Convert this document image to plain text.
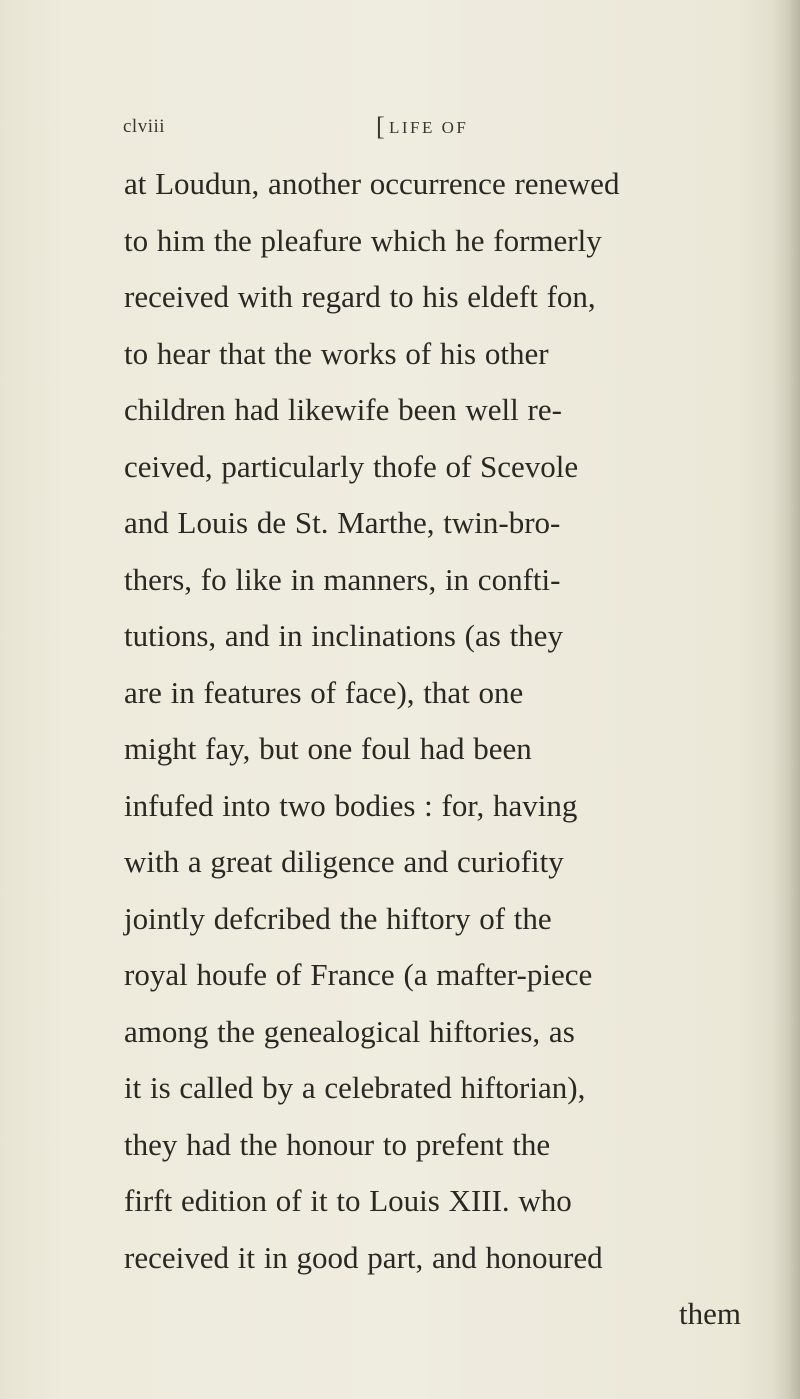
clviii	[ LIFE OF
at Loudun, another occurrence renewed
to him the pleafure which he formerly
received with regard to his eldeft fon,
to hear that the works of his other
children had likewife been well re-
ceived, particularly thofe of Scevole
and Louis de St. Marthe, twin-bro-
thers, fo like in manners, in confti-
tutions, and in inclinations (as they
are in features of face), that one
might fay, but one foul had been
infufed into two bodies : for, having
with a great diligence and curiofity
jointly defcribed the hiftory of the
royal houfe of France (a mafter-piece
among the genealogical hiftories, as
it is called by a celebrated hiftorian),
they had the honour to prefent the
firft edition of it to Louis XIII. who
received it in good part, and honoured
them
